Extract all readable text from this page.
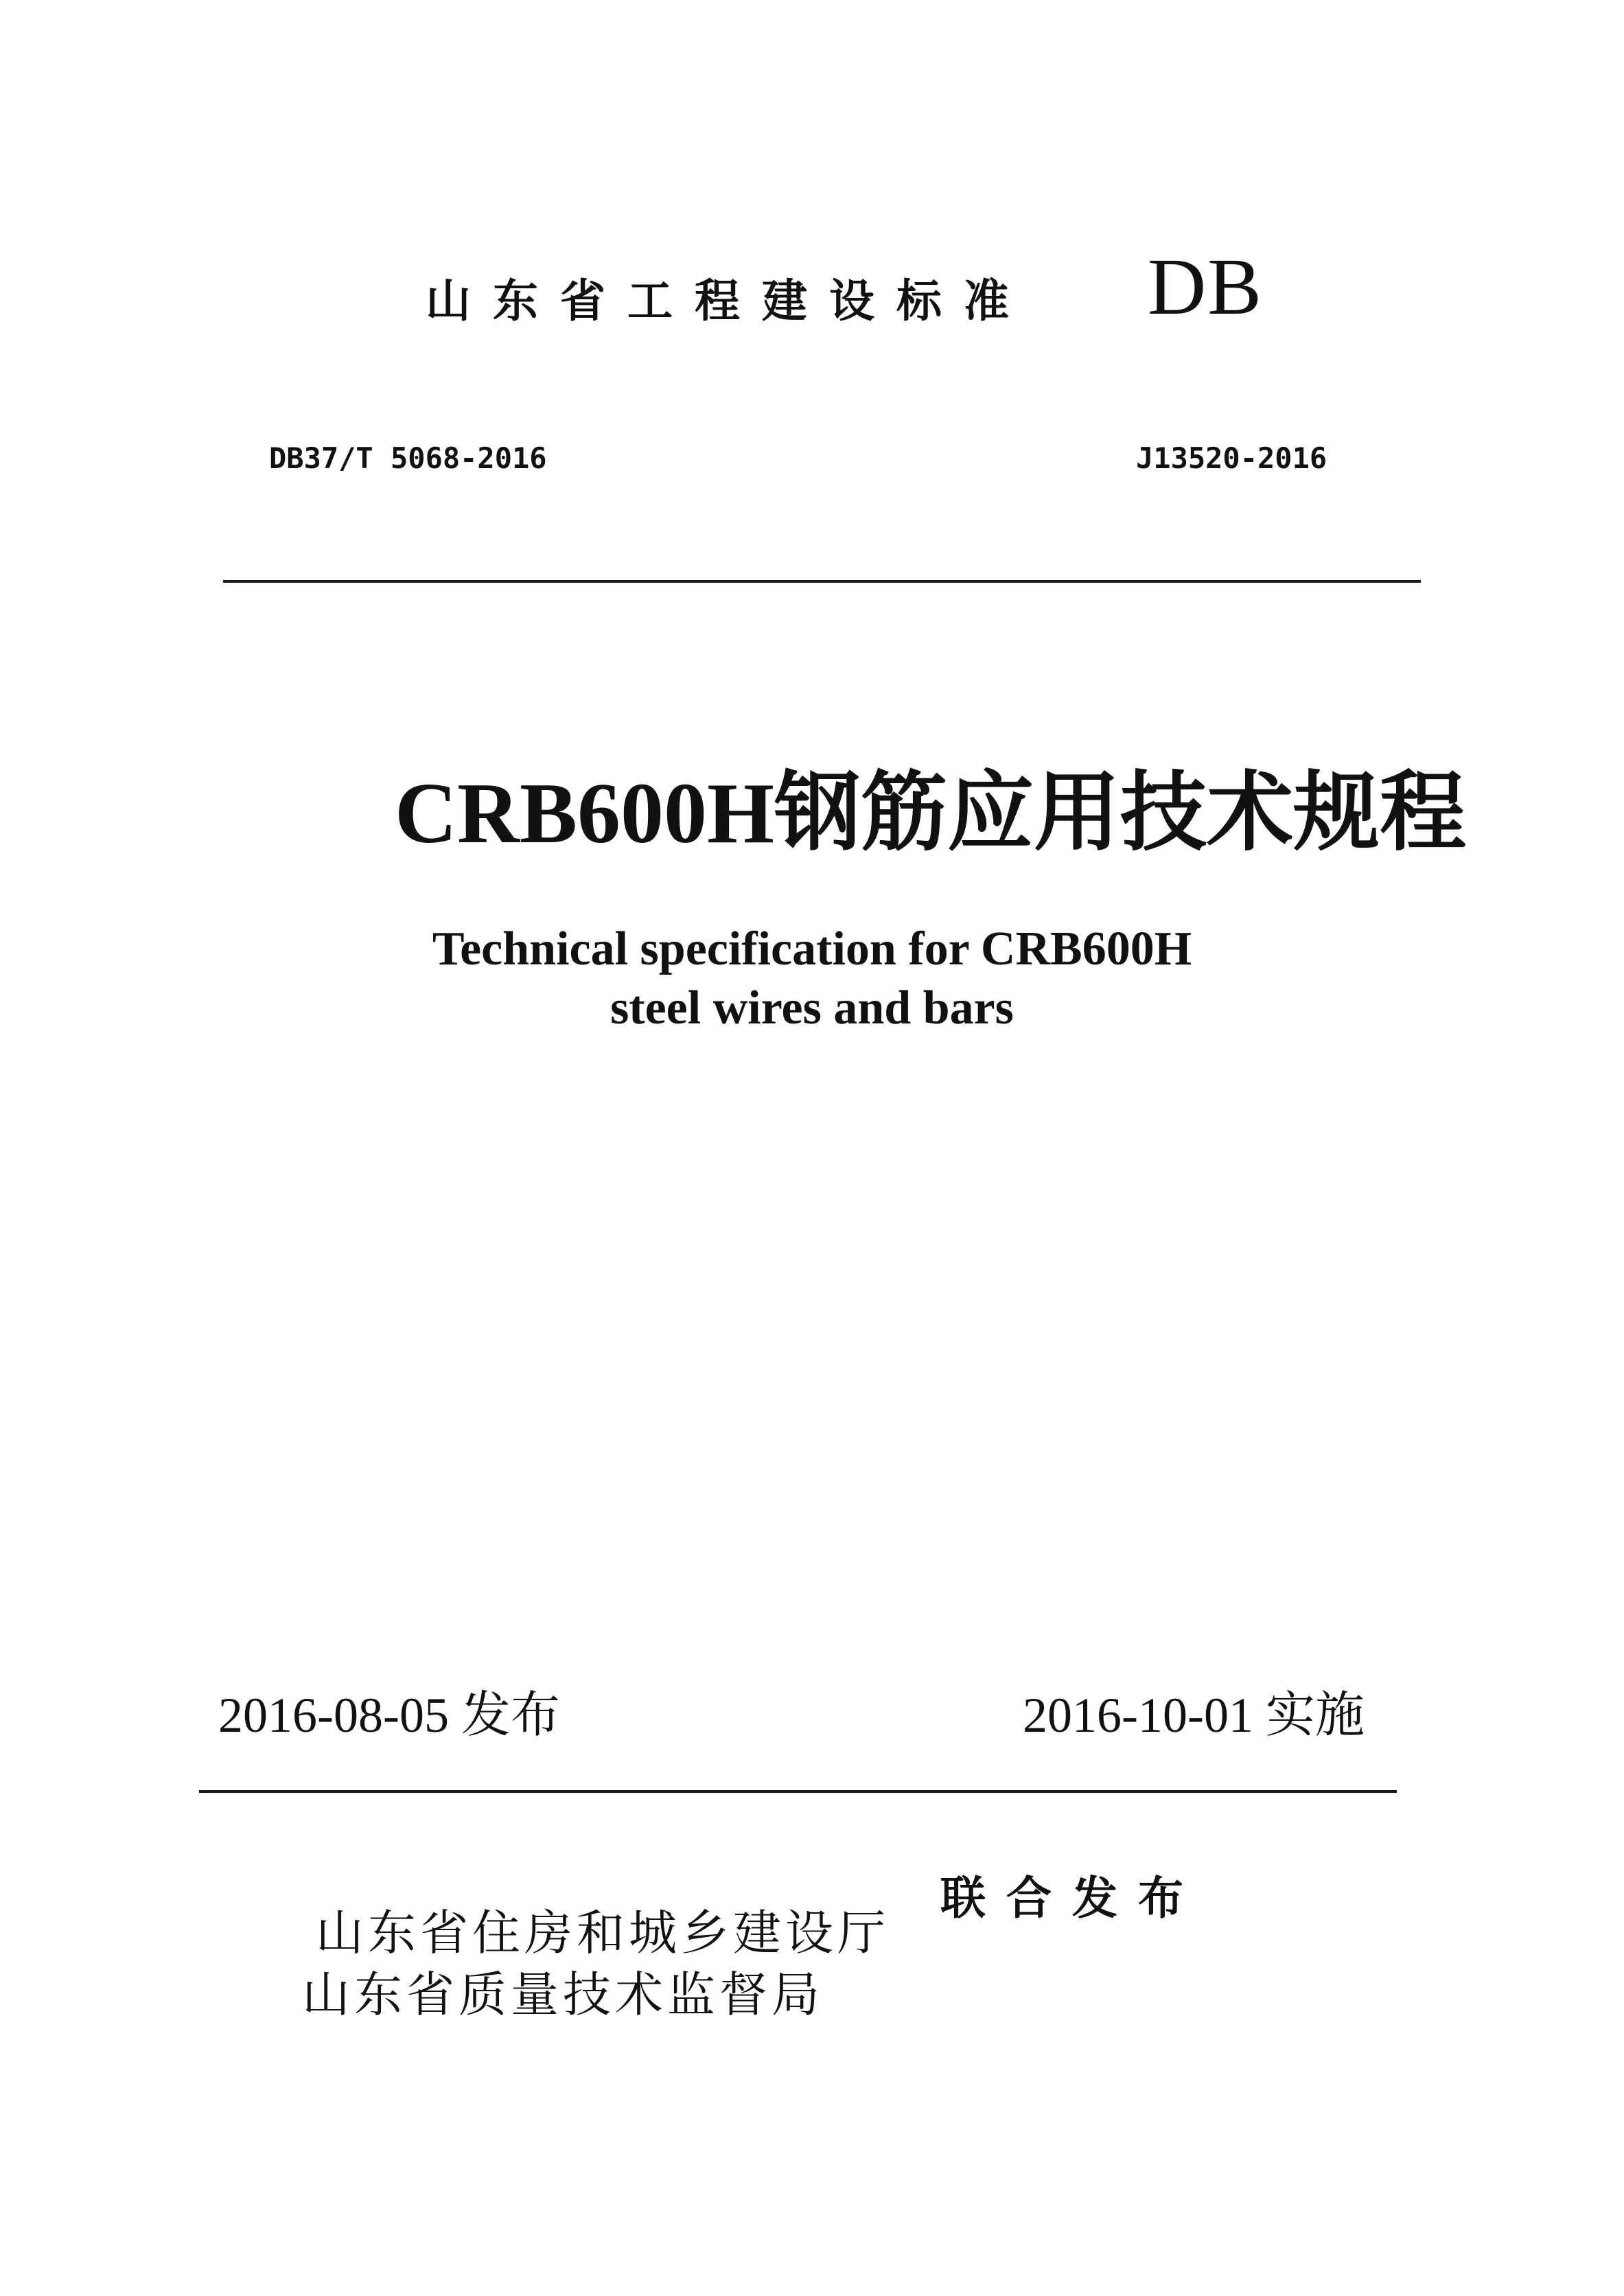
山东省工程建设标准 DB
DB37/T 5068-2016	J13520-2016
CRB600H钢筋应用技术规程
Technical specification for CRB600H
steel wires and bars
2016-08-05 发布	2016-10-01 实施
联合发布
山东省住房和城乡建设厅
山东省质量技术监督局
